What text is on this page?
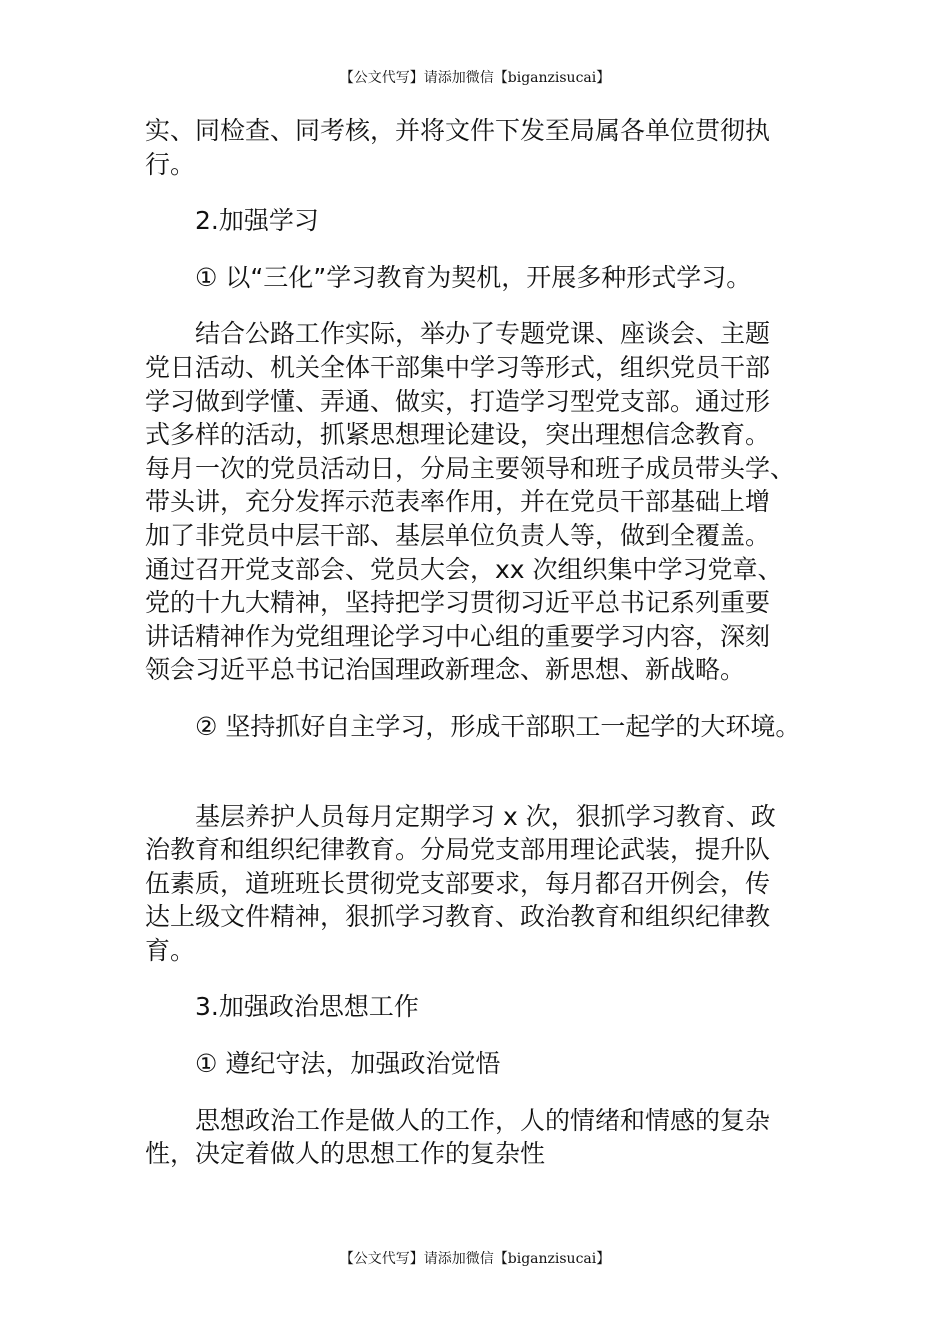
【公文代写】请添加微信【biganzisucai】
实、同检查、同考核，并将文件下发至局属各单位贯彻执
行。
2.加强学习
① 以“三化”学习教育为契机，开展多种形式学习。
结合公路工作实际，举办了专题党课、座谈会、主题
党日活动、机关全体干部集中学习等形式，组织党员干部
学习做到学懂、弄通、做实，打造学习型党支部。通过形
式多样的活动，抓紧思想理论建设，突出理想信念教育。
每月一次的党员活动日，分局主要领导和班子成员带头学、
带头讲，充分发挥示范表率作用，并在党员干部基础上增
加了非党员中层干部、基层单位负责人等，做到全覆盖。
通过召开党支部会、党员大会，xx 次组织集中学习党章、
党的十九大精神，坚持把学习贯彻习近平总书记系列重要
讲话精神作为党组理论学习中心组的重要学习内容，深刻
领会习近平总书记治国理政新理念、新思想、新战略。
② 坚持抓好自主学习，形成干部职工一起学的大环境。
基层养护人员每月定期学习 x 次，狠抓学习教育、政
治教育和组织纪律教育。分局党支部用理论武装，提升队
伍素质，道班班长贯彻党支部要求，每月都召开例会，传
达上级文件精神，狠抓学习教育、政治教育和组织纪律教
育。
3.加强政治思想工作
① 遵纪守法，加强政治觉悟
思想政治工作是做人的工作，人的情绪和情感的复杂
性，决定着做人的思想工作的复杂性
【公文代写】请添加微信【biganzisucai】
